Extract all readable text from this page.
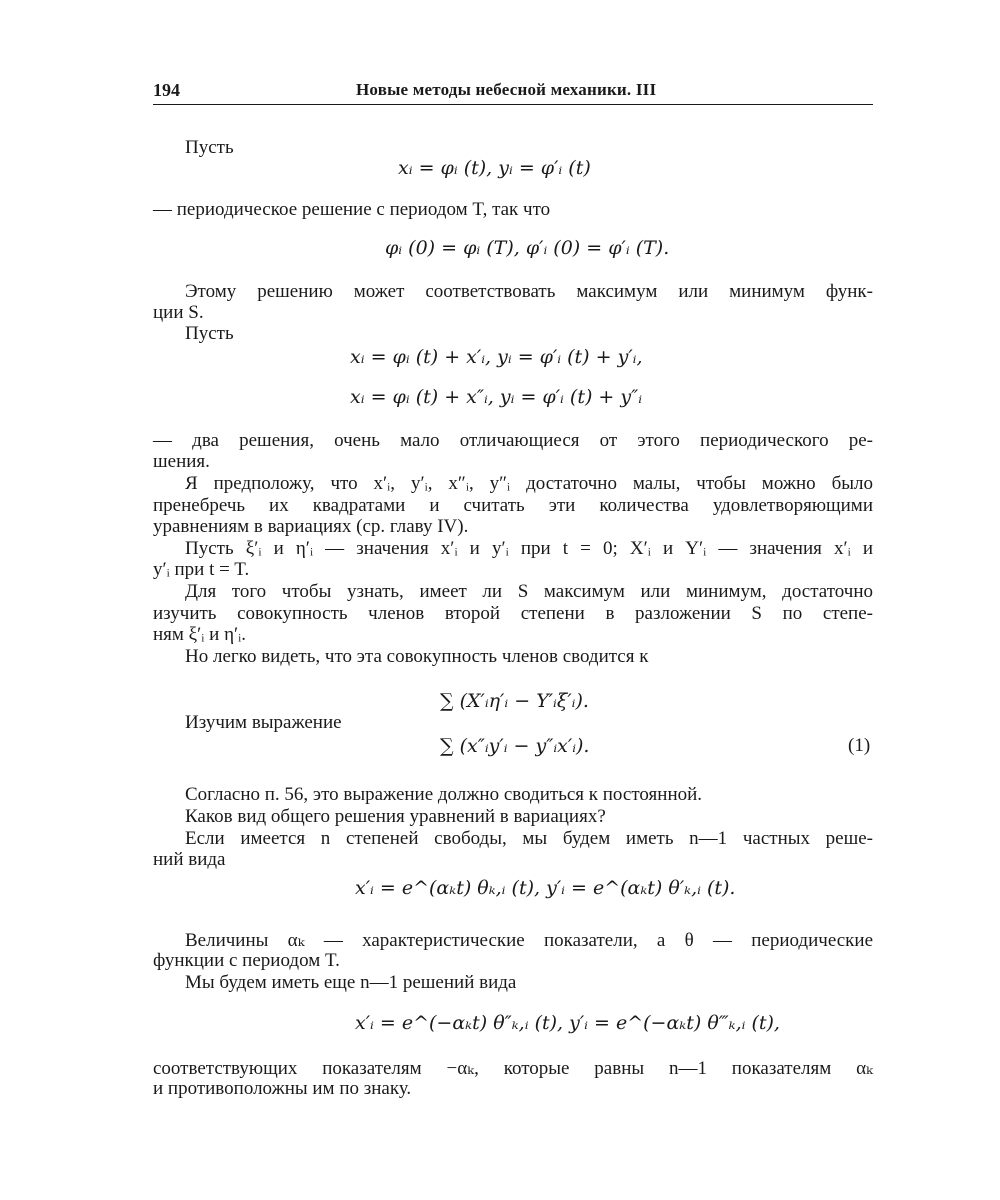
194	Новые методы небесной механики. III
Пусть
xᵢ = φᵢ (t), yᵢ = φ′ᵢ (t)
— периодическое решение с периодом T, так что
φᵢ (0) = φᵢ (T), φ′ᵢ (0) = φ′ᵢ (T).
Этому решению может соответствовать максимум или минимум функ-
ции S.
Пусть
xᵢ = φᵢ (t) + x′ᵢ, yᵢ = φ′ᵢ (t) + y′ᵢ,
xᵢ = φᵢ (t) + x″ᵢ, yᵢ = φ′ᵢ (t) + y″ᵢ
— два решения, очень мало отличающиеся от этого периодического ре-
шения.
Я предположу, что x′ᵢ, y′ᵢ, x″ᵢ, y″ᵢ достаточно малы, чтобы можно было
пренебречь их квадратами и считать эти количества удовлетворяющими
уравнениям в вариациях (ср. главу IV).
Пусть ξ′ᵢ и η′ᵢ — значения x′ᵢ и y′ᵢ при t = 0; X′ᵢ и Y′ᵢ — значения x′ᵢ и
y′ᵢ при t = T.
Для того чтобы узнать, имеет ли S максимум или минимум, достаточно
изучить совокупность членов второй степени в разложении S по степе-
ням ξ′ᵢ и η′ᵢ.
Но легко видеть, что эта совокупность членов сводится к
∑ (X′ᵢη′ᵢ − Y′ᵢξ′ᵢ).
Изучим выражение
∑ (x″ᵢy′ᵢ − y″ᵢx′ᵢ).	(1)
Согласно п. 56, это выражение должно сводиться к постоянной.
Каков вид общего решения уравнений в вариациях?
Если имеется n степеней свободы, мы будем иметь n—1 частных реше-
ний вида
x′ᵢ = e^(αₖt) θₖ,ᵢ (t), y′ᵢ = e^(αₖt) θ′ₖ,ᵢ (t).
Величины αₖ — характеристические показатели, а θ — периодические
функции с периодом T.
Мы будем иметь еще n—1 решений вида
x′ᵢ = e^(−αₖt) θ″ₖ,ᵢ (t), y′ᵢ = e^(−αₖt) θ‴ₖ,ᵢ (t),
соответствующих показателям −αₖ, которые равны n—1 показателям αₖ
и противоположны им по знаку.
